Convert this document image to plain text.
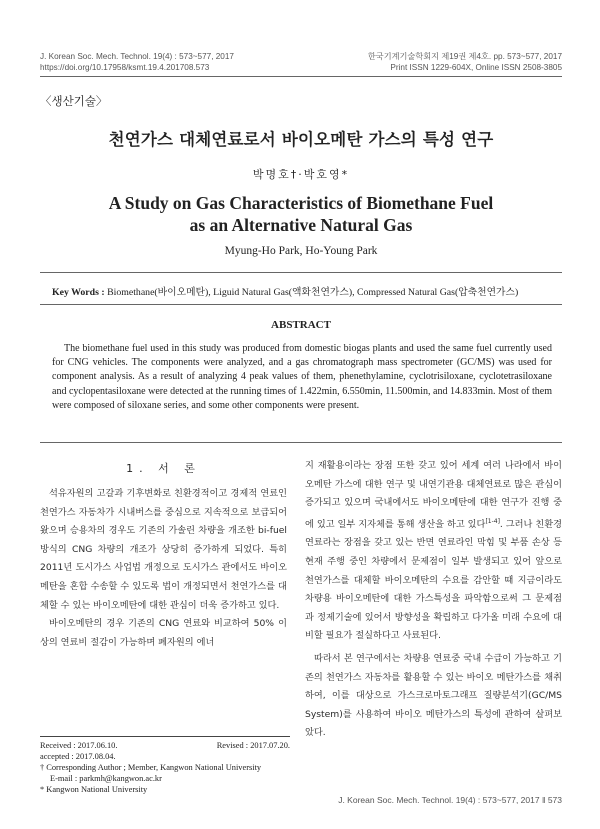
J. Korean Soc. Mech. Technol. 19(4) : 573~577, 2017
https://doi.org/10.17958/ksmt.19.4.201708.573
한국기계기술학회지 제19권 제4호. pp. 573~577, 2017
Print ISSN 1229-604X, Online ISSN 2508-3805
〈생산기술〉
천연가스 대체연료로서 바이오메탄 가스의 특성 연구
박명호†·박호영*
A Study on Gas Characteristics of Biomethane Fuel
as an Alternative Natural Gas
Myung-Ho Park, Ho-Young Park
Key Words : Biomethane(바이오메탄), Liguid Natural Gas(액화천연가스), Compressed Natural Gas(압축천연가스)
ABSTRACT
The biomethane fuel used in this study was produced from domestic biogas plants and used the same fuel currently used for CNG vehicles. The components were analyzed, and a gas chromatograph mass spectrometer (GC/MS) was used for component analysis. As a result of analyzing 4 peak values of them, phenethylamine, cyclotrisiloxane, cyclotetrasiloxane and cyclopentasiloxane were detected at the running times of 1.422min, 6.550min, 11.500min, and 14.833min. Most of them were composed of siloxane series, and some other components were present.
1. 서 론

석유자원의 고갈과 기후변화로 친환경적이고 경제적 연료인 천연가스 자동차가 시내버스를 중심으로 지속적으로 보급되어 왔으며 승용차의 경우도 기존의 가솔린 차량을 개조한 bi-fuel 방식의 CNG 차량의 개조가 상당히 증가하게 되었다. 특히 2011년 도시가스 사업법 개정으로 도시가스 관에서도 바이오 메탄을 혼합 수송할 수 있도록 법이 개정되면서 천연가스를 대체할 수 있는 바이오메탄에 대한 관심이 더욱 증가하고 있다.

바이오메탄의 경우 기존의 CNG 연료와 비교하여 50% 이상의 연료비 절감이 가능하며 폐자원의 에너

지 재활용이라는 장점 또한 갖고 있어 세계 여러 나라에서 바이오메탄 가스에 대한 연구 및 내연기관용 대체연료로 많은 관심이 증가되고 있으며 국내에서도 바이오메탄에 대한 연구가 진행 중에 있고 일부 지자체를 통해 생산을 하고 있다[1-4]. 그러나 친환경 연료라는 장점을 갖고 있는 반면 연료라인 막힘 및 부품 손상 등 현재 주행 중인 차량에서 문제점이 일부 발생되고 있어 앞으로 천연가스를 대체할 바이오메탄의 수요를 감안할 때 지금이라도 차량용 바이오메탄에 대한 가스특성을 파악함으로써 그 문제점과 정제기술에 있어서 방향성을 확립하고 다가올 미래 수요에 대비할 필요가 절실하다고 사료된다.

따라서 본 연구에서는 차량용 연료중 국내 수급이 가능하고 기존의 천연가스 자동차를 활용할 수 있는 바이오 메탄가스를 채취하여, 이를 대상으로 가스크로마토그래프 질량분석기(GC/MS System)를 사용하여 바이오 메탄가스의 특성에 관하여 살펴보았다.

Received : 2017.06.10.	Revised : 2017.07.20.
accepted : 2017.08.04.
† Corresponding Author ; Member, Kangwon National University
E-mail : parkmh@kangwon.ac.kr
* Kangwon National University
J. Korean Soc. Mech. Technol. 19(4) : 573~577, 2017 ‖ 573
